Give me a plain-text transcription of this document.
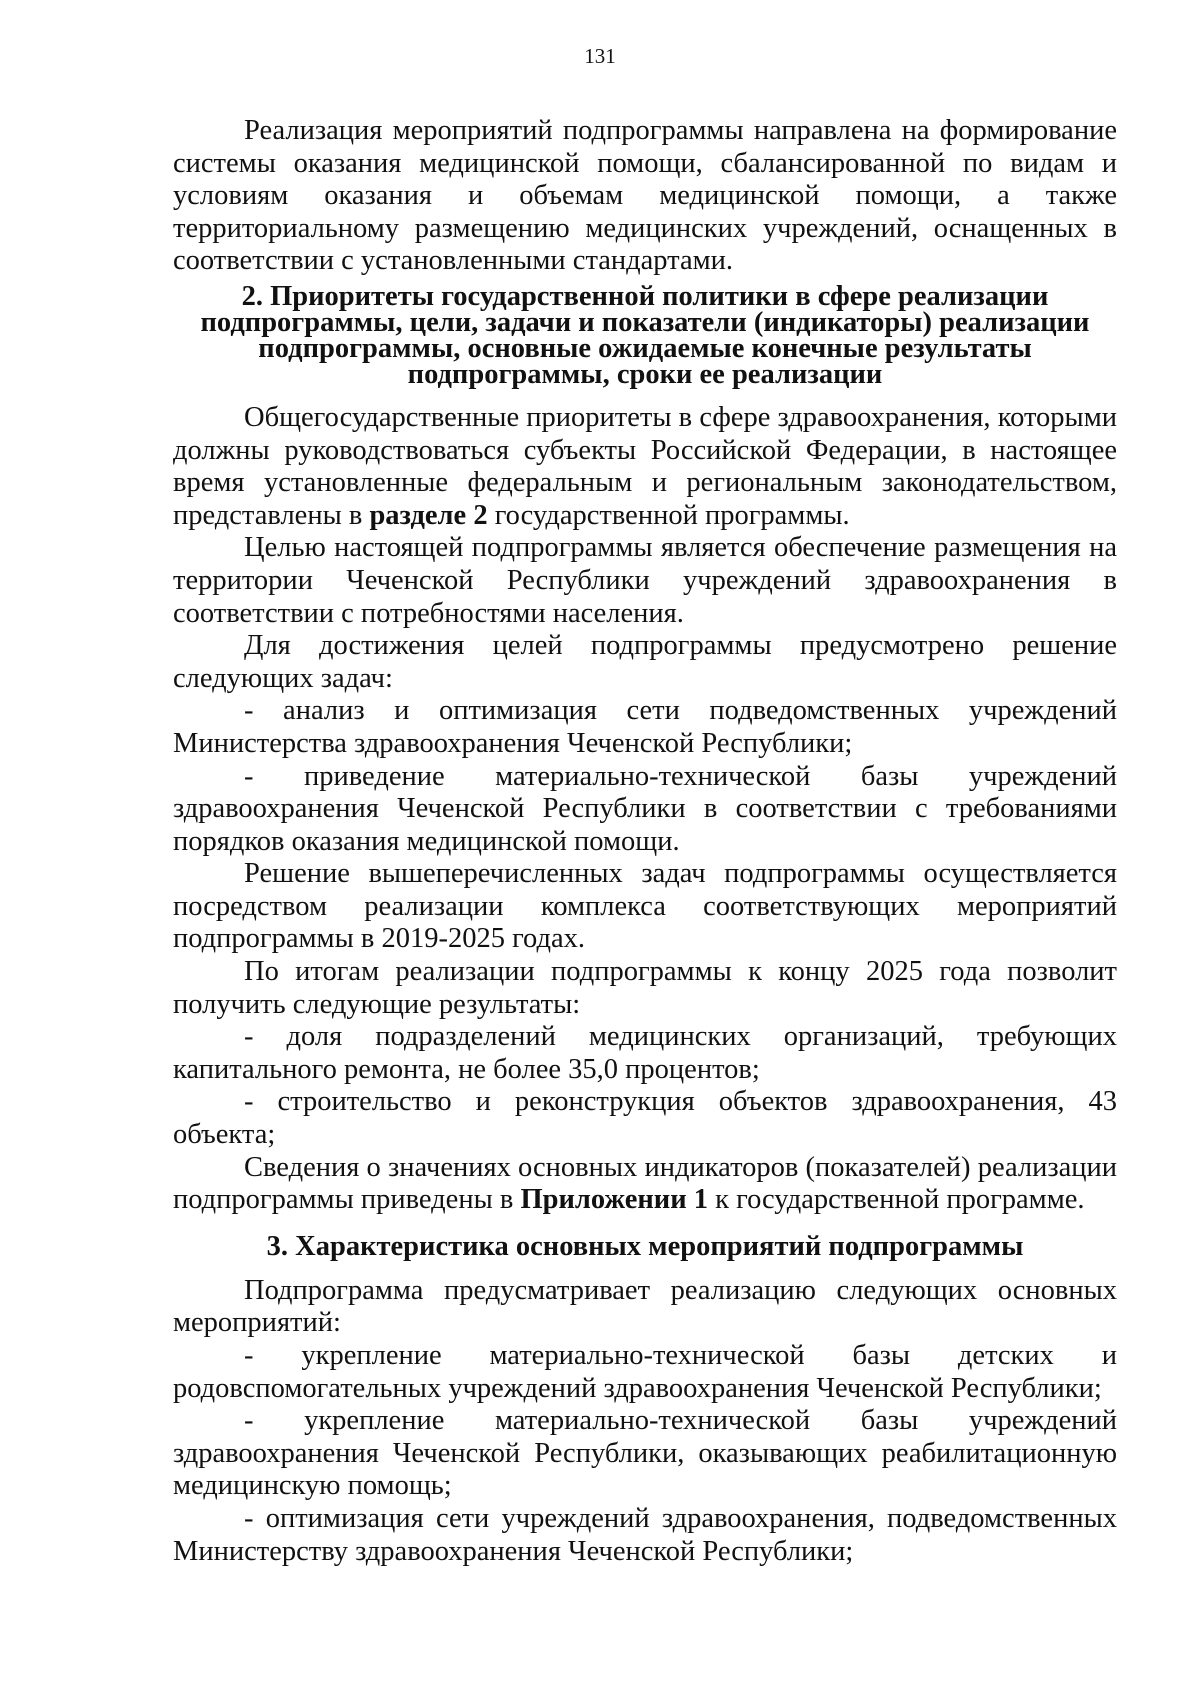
131

Реализация мероприятий подпрограммы направлена на формирование системы оказания медицинской помощи, сбалансированной по видам и условиям оказания и объемам медицинской помощи, а также территориальному размещению медицинских учреждений, оснащенных в соответствии с установленными стандартами.

2. Приоритеты государственной политики в сфере реализации
подпрограммы, цели, задачи и показатели (индикаторы) реализации
подпрограммы, основные ожидаемые конечные результаты
подпрограммы, сроки ее реализации

Общегосударственные приоритеты в сфере здравоохранения, которыми должны руководствоваться субъекты Российской Федерации, в настоящее время установленные федеральным и региональным законодательством, представлены в разделе 2 государственной программы.

Целью настоящей подпрограммы является обеспечение размещения на территории Чеченской Республики учреждений здравоохранения в соответствии с потребностями населения.

Для достижения целей подпрограммы предусмотрено решение следующих задач:

- анализ и оптимизация сети подведомственных учреждений Министерства здравоохранения Чеченской Республики;

- приведение материально-технической базы учреждений здравоохранения Чеченской Республики в соответствии с требованиями порядков оказания медицинской помощи.

Решение вышеперечисленных задач подпрограммы осуществляется посредством реализации комплекса соответствующих мероприятий подпрограммы в 2019-2025 годах.

По итогам реализации подпрограммы к концу 2025 года позволит получить следующие результаты:

- доля подразделений медицинских организаций, требующих капитального ремонта, не более 35,0 процентов;

- строительство и реконструкция объектов здравоохранения, 43 объекта;

Сведения о значениях основных индикаторов (показателей) реализации подпрограммы приведены в Приложении 1 к государственной программе.

3. Характеристика основных мероприятий подпрограммы

Подпрограмма предусматривает реализацию следующих основных мероприятий:

- укрепление материально-технической базы детских и родовспомогательных учреждений здравоохранения Чеченской Республики;

- укрепление материально-технической базы учреждений здравоохранения Чеченской Республики, оказывающих реабилитационную медицинскую помощь;

- оптимизация сети учреждений здравоохранения, подведомственных Министерству здравоохранения Чеченской Республики;
